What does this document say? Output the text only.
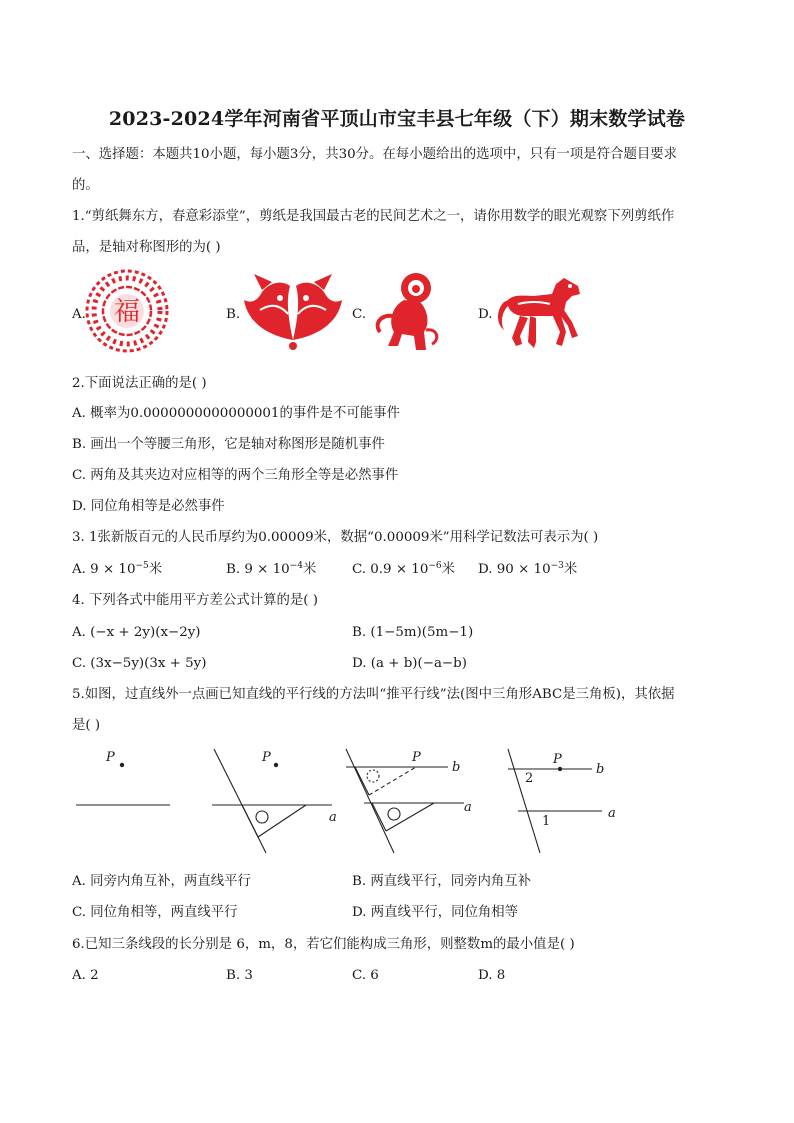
2023-2024学年河南省平顶山市宝丰县七年级（下）期末数学试卷
一、选择题：本题共10小题，每小题3分，共30分。在每小题给出的选项中，只有一项是符合题目要求
的。
1.“剪纸舞东方，春意彩添堂”，剪纸是我国最古老的民间艺术之一，请你用数学的眼光观察下列剪纸作
品，是轴对称图形的为( )
A. 福	B.	C.	D.
2.下面说法正确的是( )
A. 概率为0.0000000000000001的事件是不可能事件
B. 画出一个等腰三角形，它是轴对称图形是随机事件
C. 两角及其夹边对应相等的两个三角形全等是必然事件
D. 同位角相等是必然事件
3. 1张新版百元的人民币厚约为0.00009米，数据“0.00009米”用科学记数法可表示为( )
A. $9 \times 10^{-5}$米	B. $9 \times 10^{-4}$米	C. $0.9 \times 10^{-6}$米 D. $90 \times 10^{-3}$米
4. 下列各式中能用平方差公式计算的是( )
A. (−x + 2y)(x−2y)	B. (1−5m)(5m−1)
C. (3x−5y)(3x + 5y)	D. (a + b)(−a−b)
5.如图，过直线外一点画已知直线的平行线的方法叫“推平行线”法(图中三角形ABC是三角板)，其依据
是( )
P	P
a
P
b
a
P
b
a
2
1
A. 同旁内角互补，两直线平行	B. 两直线平行，同旁内角互补
C. 同位角相等，两直线平行	D. 两直线平行，同位角相等
6.已知三条线段的长分别是 6，m，8，若它们能构成三角形，则整数m的最小值是( )
A. 2	B. 3	C. 6	D. 8
